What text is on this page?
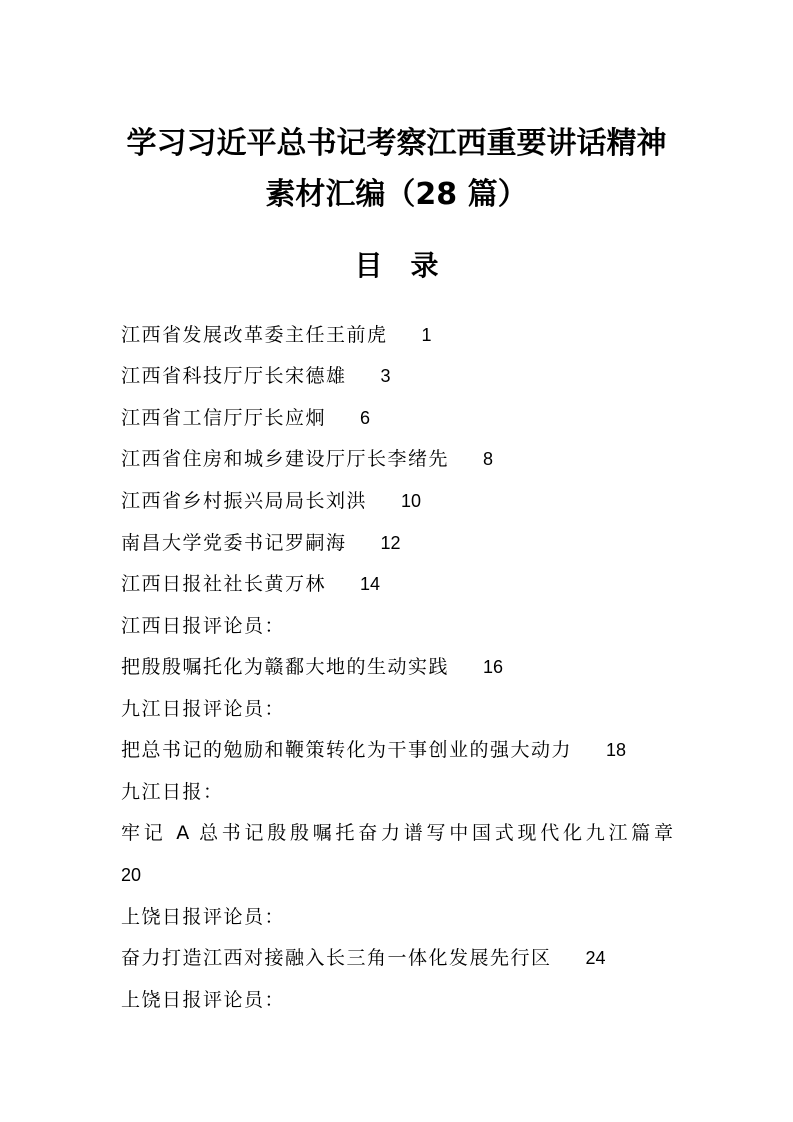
学习习近平总书记考察江西重要讲话精神
素材汇编（28 篇）
目录
江西省发展改革委主任王前虎 1
江西省科技厅厅长宋德雄 3
江西省工信厅厅长应炯 6
江西省住房和城乡建设厅厅长李绪先 8
江西省乡村振兴局局长刘洪 10
南昌大学党委书记罗嗣海 12
江西日报社社长黄万林 14
江西日报评论员：
把殷殷嘱托化为赣鄱大地的生动实践 16
九江日报评论员：
把总书记的勉励和鞭策转化为干事创业的强大动力 18
九江日报：
牢记 A 总书记殷殷嘱托奋力谱写中国式现代化九江篇章
20
上饶日报评论员：
奋力打造江西对接融入长三角一体化发展先行区 24
上饶日报评论员：
